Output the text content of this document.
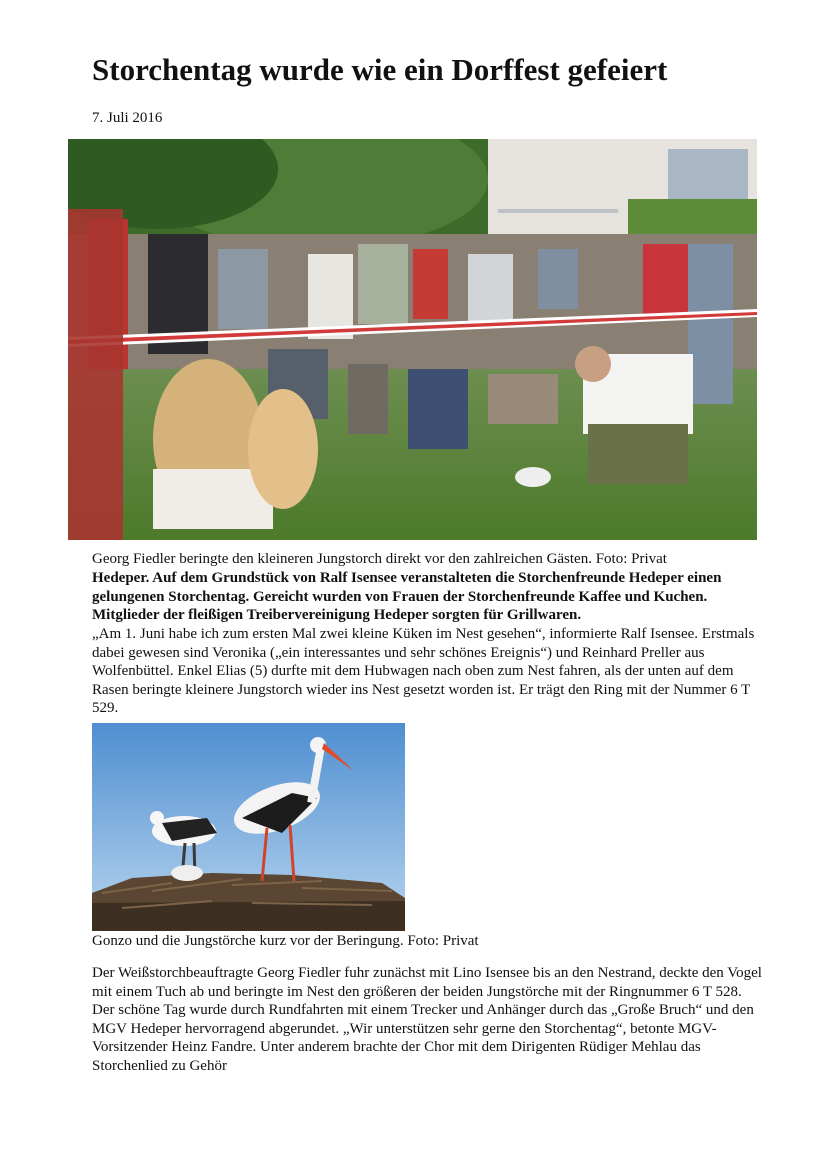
Storchentag wurde wie ein Dorffest gefeiert
7. Juli 2016
Georg Fiedler beringte den kleineren Jungstorch direkt vor den zahlreichen Gästen. Foto: Privat
Hedeper. Auf dem Grundstück von Ralf Isensee veranstalteten die Storchenfreunde Hedeper einen gelungenen Storchentag. Gereicht wurden von Frauen der Storchenfreunde Kaffee und Kuchen. Mitglieder der fleißigen Treibervereinigung Hedeper sorgten für Grillwaren.
„Am 1. Juni habe ich zum ersten Mal zwei kleine Küken im Nest gesehen“, informierte Ralf Isensee. Erstmals dabei gewesen sind Veronika („ein interessantes und sehr schönes Ereignis“) und Reinhard Preller aus Wolfenbüttel. Enkel Elias (5) durfte mit dem Hubwagen nach oben zum Nest fahren, als der unten auf dem Rasen beringte kleinere Jungstorch wieder ins Nest gesetzt worden ist. Er trägt den Ring mit der Nummer 6 T 529.
Gonzo und die Jungstörche kurz vor der Beringung. Foto: Privat
Der Weißstorchbeauftragte Georg Fiedler fuhr zunächst mit Lino Isensee bis an den Nestrand, deckte den Vogel mit einem Tuch ab und beringte im Nest den größeren der beiden Jungstörche mit der Ringnummer 6 T 528. Der schöne Tag wurde durch Rundfahrten mit einem Trecker und Anhänger durch das „Große Bruch“ und den MGV Hedeper hervorragend abgerundet. „Wir unterstützen sehr gerne den Storchentag“, betonte MGV-Vorsitzender Heinz Fandre. Unter anderem brachte der Chor mit dem Dirigenten Rüdiger Mehlau das Storchenlied zu Gehör
